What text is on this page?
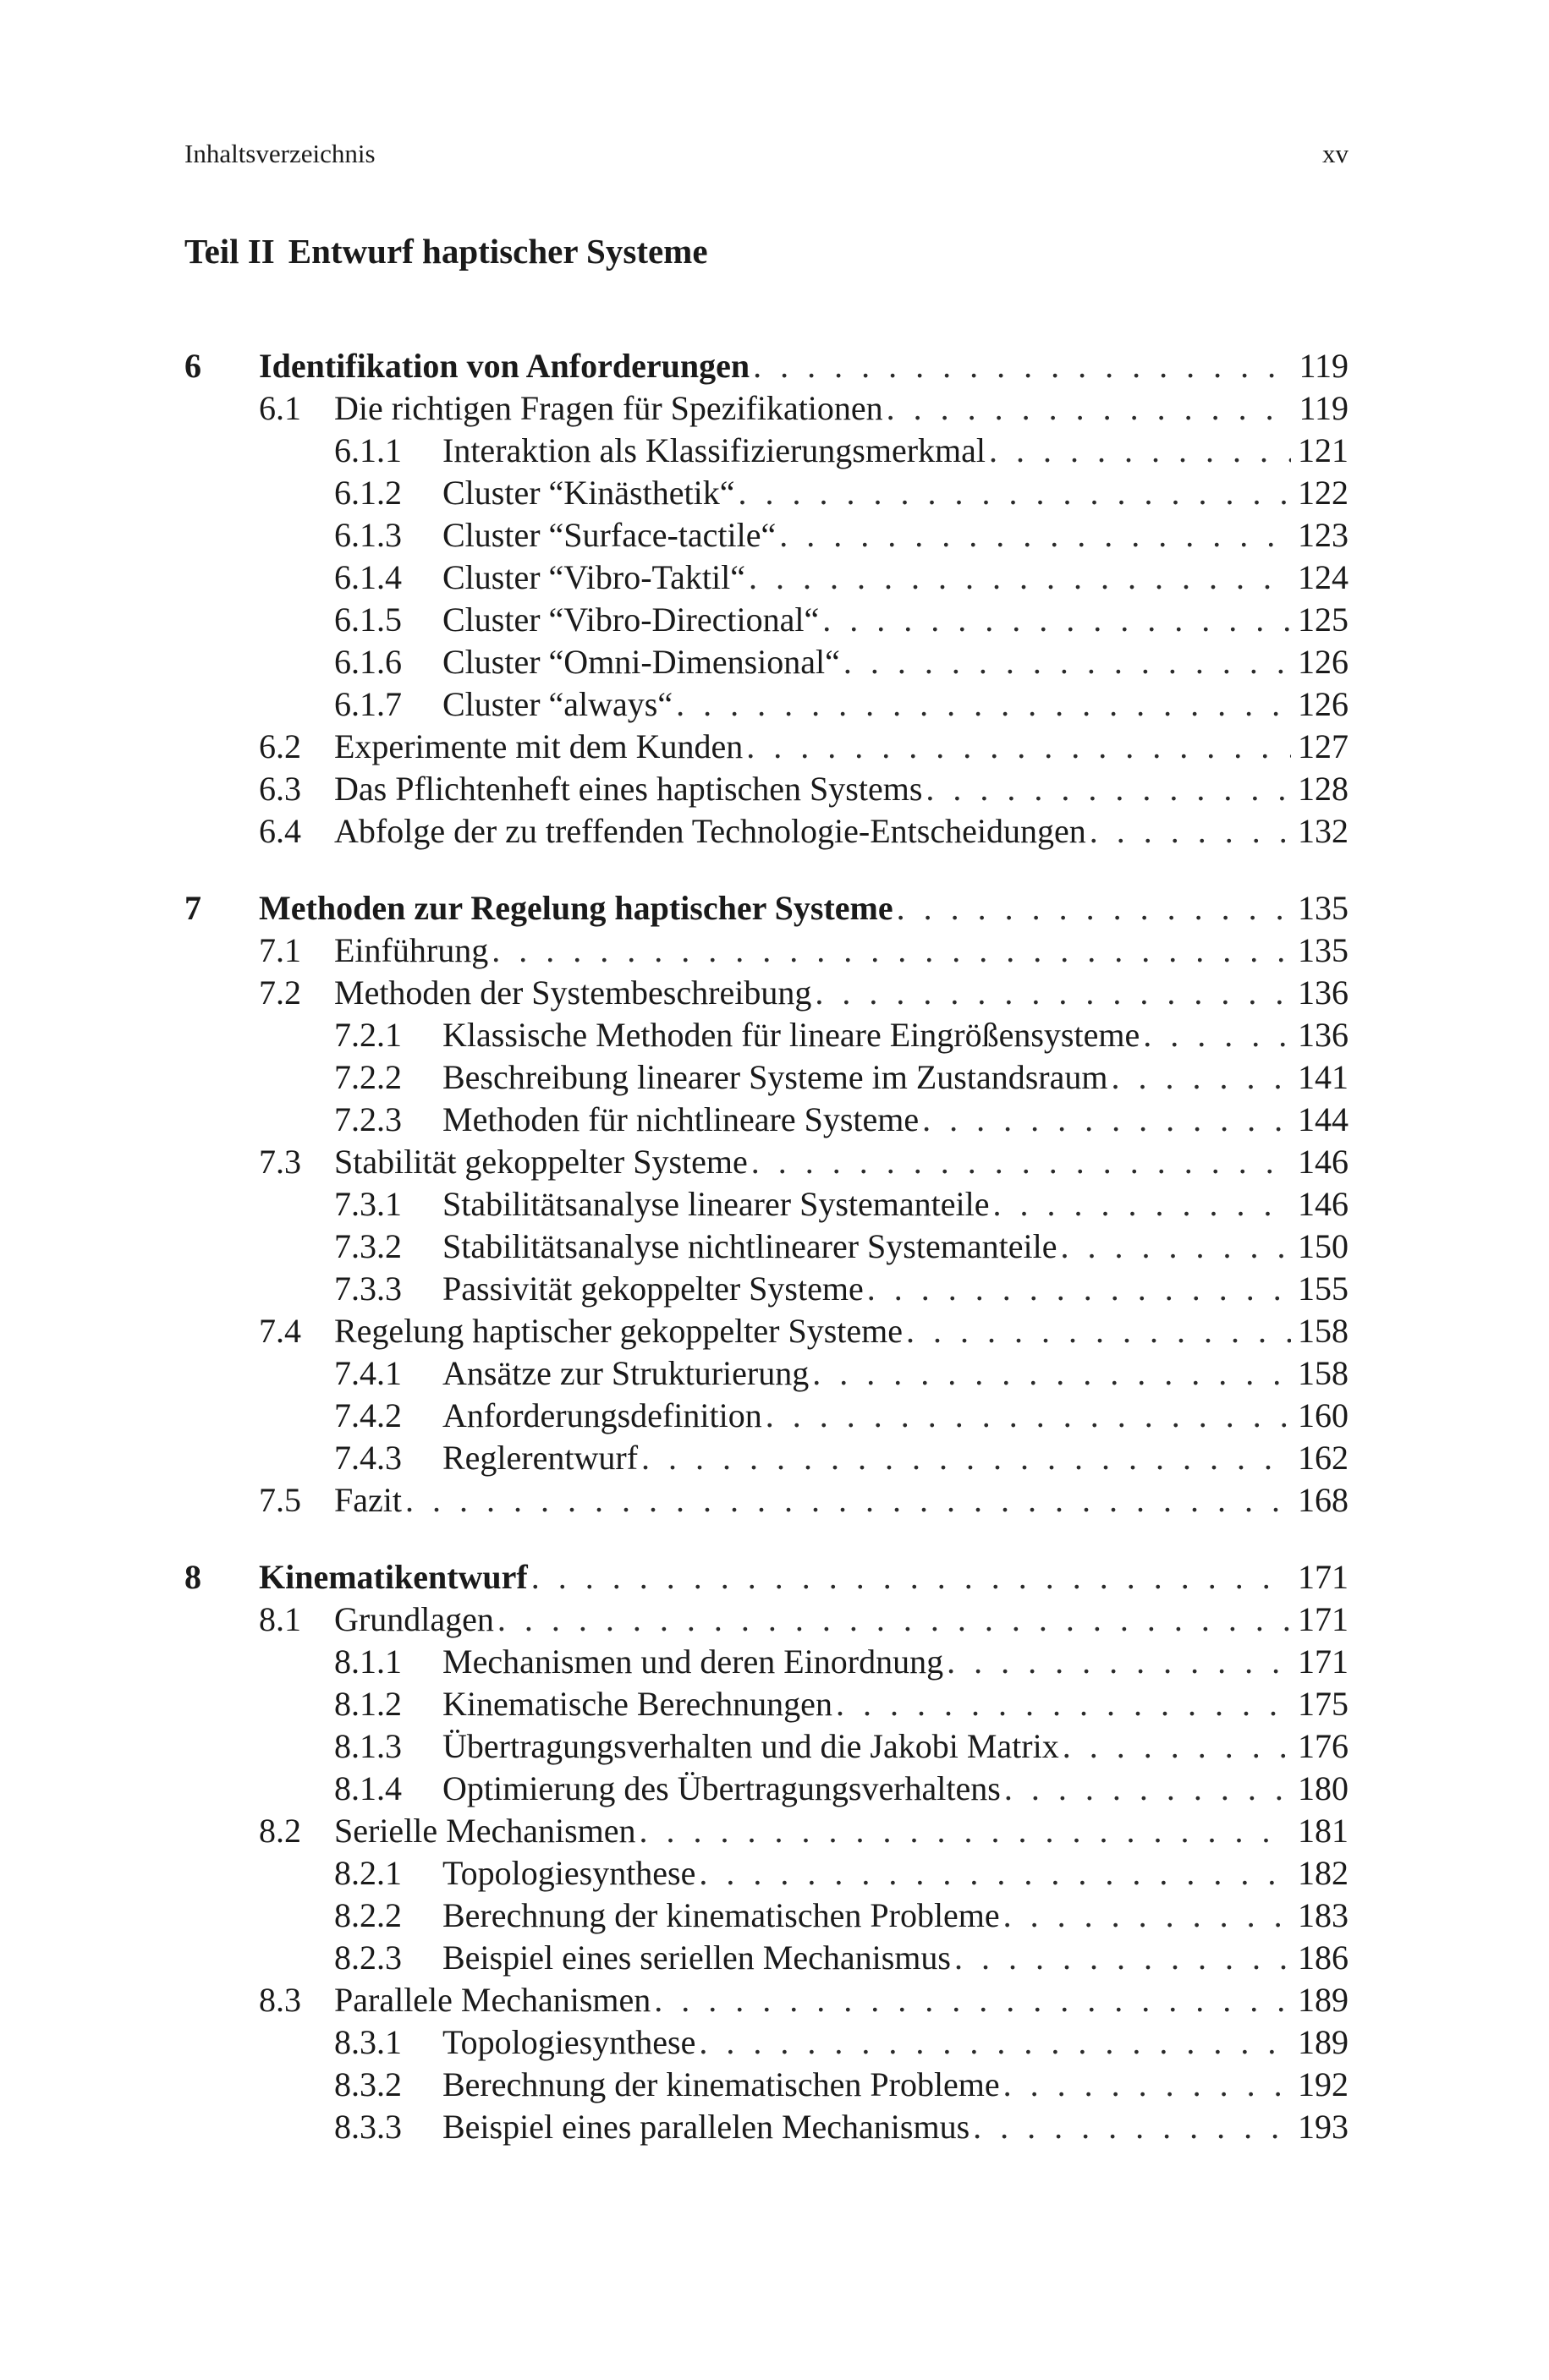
Inhaltsverzeichnis	xv
Teil II Entwurf haptischer Systeme
6 Identifikation von Anforderungen . . .	119
6.1 Die richtigen Fragen für Spezifikationen . . .	119
6.1.1 Interaktion als Klassifizierungsmerkmal . . .	121
6.1.2 Cluster “Kinästhetik“ . . .	122
6.1.3 Cluster “Surface-tactile“ . . .	123
6.1.4 Cluster “Vibro-Taktil“ . . .	124
6.1.5 Cluster “Vibro-Directional“ . . .	125
6.1.6 Cluster “Omni-Dimensional“ . . .	126
6.1.7 Cluster “always“ . . .	126
6.2 Experimente mit dem Kunden . . .	127
6.3 Das Pflichtenheft eines haptischen Systems . . .	128
6.4 Abfolge der zu treffenden Technologie-Entscheidungen . . .	132
7 Methoden zur Regelung haptischer Systeme . . .	135
7.1 Einführung . . .	135
7.2 Methoden der Systembeschreibung . . .	136
7.2.1 Klassische Methoden für lineare Eingrößensysteme . . .	136
7.2.2 Beschreibung linearer Systeme im Zustandsraum . . .	141
7.2.3 Methoden für nichtlineare Systeme . . .	144
7.3 Stabilität gekoppelter Systeme . . .	146
7.3.1 Stabilitätsanalyse linearer Systemanteile . . .	146
7.3.2 Stabilitätsanalyse nichtlinearer Systemanteile . . .	150
7.3.3 Passivität gekoppelter Systeme . . .	155
7.4 Regelung haptischer gekoppelter Systeme . . .	158
7.4.1 Ansätze zur Strukturierung . . .	158
7.4.2 Anforderungsdefinition . . .	160
7.4.3 Reglerentwurf . . .	162
7.5 Fazit . . .	168
8 Kinematikentwurf . . .	171
8.1 Grundlagen . . .	171
8.1.1 Mechanismen und deren Einordnung . . .	171
8.1.2 Kinematische Berechnungen . . .	175
8.1.3 Übertragungsverhalten und die Jakobi Matrix . . .	176
8.1.4 Optimierung des Übertragungsverhaltens . . .	180
8.2 Serielle Mechanismen . . .	181
8.2.1 Topologiesynthese . . .	182
8.2.2 Berechnung der kinematischen Probleme . . .	183
8.2.3 Beispiel eines seriellen Mechanismus . . .	186
8.3 Parallele Mechanismen . . .	189
8.3.1 Topologiesynthese . . .	189
8.3.2 Berechnung der kinematischen Probleme . . .	192
8.3.3 Beispiel eines parallelen Mechanismus . . .	193
